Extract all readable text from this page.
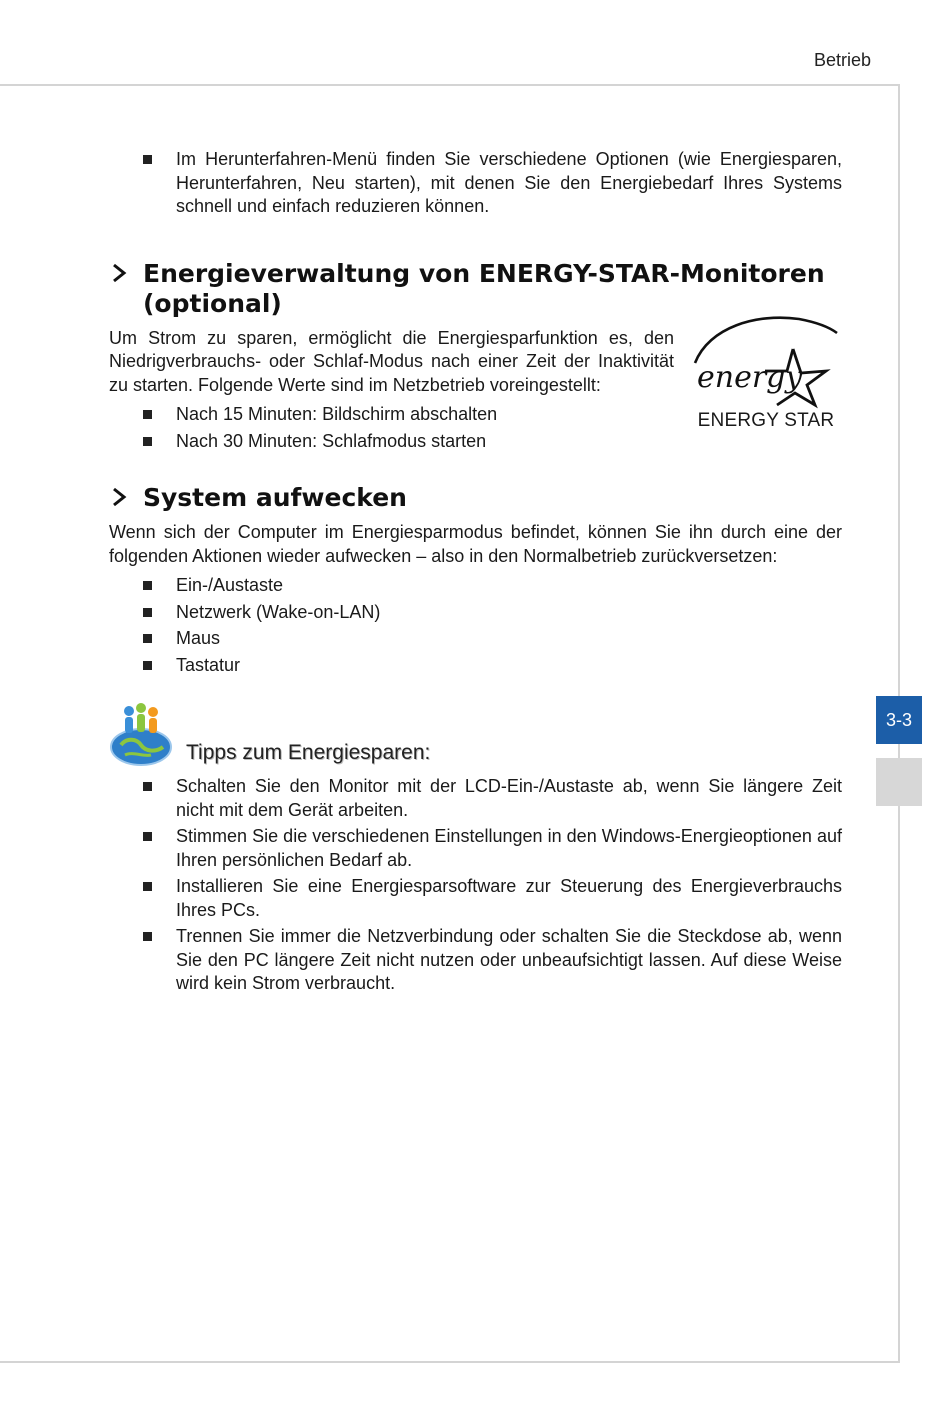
Betrieb
3-3
Im Herunterfahren-Menü finden Sie verschiedene Optionen (wie Energiesparen, Herunterfahren, Neu starten), mit denen Sie den Energiebedarf Ihres Systems schnell und einfach reduzieren können.
Energieverwaltung von ENERGY-STAR-Monitoren (optional)

Um Strom zu sparen, ermöglicht die Energiesparfunktion es, den Niedrigverbrauchs- oder Schlaf-Modus nach einer Zeit der Inaktivität zu starten. Folgende Werte sind im Netzbetrieb voreingestellt:

Nach 15 Minuten: Bildschirm abschalten
Nach 30 Minuten: Schlafmodus starten
energy
ENERGY STAR
System aufwecken

Wenn sich der Computer im Energiesparmodus befindet, können Sie ihn durch eine der folgenden Aktionen wieder aufwecken – also in den Normalbetrieb zurückversetzen:

Ein-/Austaste
Netzwerk (Wake-on-LAN)
Maus
Tastatur
Tipps zum Energiesparen:
Schalten Sie den Monitor mit der LCD-Ein-/Austaste ab, wenn Sie längere Zeit nicht mit dem Gerät arbeiten.
Stimmen Sie die verschiedenen Einstellungen in den Windows-Energieoptionen auf Ihren persönlichen Bedarf ab.
Installieren Sie eine Energiesparsoftware zur Steuerung des Energieverbrauchs Ihres PCs.
Trennen Sie immer die Netzverbindung oder schalten Sie die Steckdose ab, wenn Sie den PC längere Zeit nicht nutzen oder unbeaufsichtigt lassen. Auf diese Weise wird kein Strom verbraucht.
